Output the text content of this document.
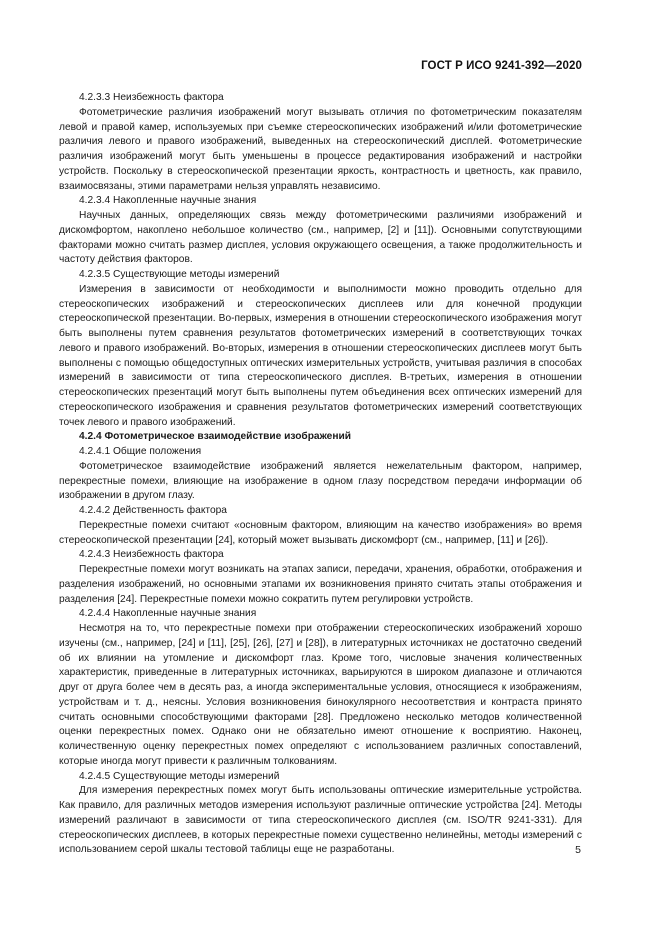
ГОСТ Р ИСО 9241-392—2020

4.2.3.3 Неизбежность фактора

Фотометрические различия изображений могут вызывать отличия по фотометрическим показателям левой и правой камер, используемых при съемке стереоскопических изображений и/или фотометрические различия левого и правого изображений, выведенных на стереоскопический дисплей. Фотометрические различия изображений могут быть уменьшены в процессе редактирования изображений и настройки устройств. Поскольку в стереоскопической презентации яркость, контрастность и цветность, как правило, взаимосвязаны, этими параметрами нельзя управлять независимо.

4.2.3.4 Накопленные научные знания

Научных данных, определяющих связь между фотометрическими различиями изображений и дискомфортом, накоплено небольшое количество (см., например, [2] и [11]). Основными сопутствующими факторами можно считать размер дисплея, условия окружающего освещения, а также продолжительность и частоту действия факторов.

4.2.3.5 Существующие методы измерений

Измерения в зависимости от необходимости и выполнимости можно проводить отдельно для стереоскопических изображений и стереоскопических дисплеев или для конечной продукции стереоскопической презентации. Во-первых, измерения в отношении стереоскопического изображения могут быть выполнены путем сравнения результатов фотометрических измерений в соответствующих точках левого и правого изображений. Во-вторых, измерения в отношении стереоскопических дисплеев могут быть выполнены с помощью общедоступных оптических измерительных устройств, учитывая различия в способах измерений в зависимости от типа стереоскопического дисплея. В-третьих, измерения в отношении стереоскопических презентаций могут быть выполнены путем объединения всех оптических измерений для стереоскопического изображения и сравнения результатов фотометрических измерений соответствующих точек левого и правого изображений.

4.2.4 Фотометрическое взаимодействие изображений

4.2.4.1 Общие положения

Фотометрическое взаимодействие изображений является нежелательным фактором, например, перекрестные помехи, влияющие на изображение в одном глазу посредством передачи информации об изображении в другом глазу.

4.2.4.2 Действенность фактора

Перекрестные помехи считают «основным фактором, влияющим на качество изображения» во время стереоскопической презентации [24], который может вызывать дискомфорт (см., например, [11] и [26]).

4.2.4.3 Неизбежность фактора

Перекрестные помехи могут возникать на этапах записи, передачи, хранения, обработки, отображения и разделения изображений, но основными этапами их возникновения принято считать этапы отображения и разделения [24]. Перекрестные помехи можно сократить путем регулировки устройств.

4.2.4.4 Накопленные научные знания

Несмотря на то, что перекрестные помехи при отображении стереоскопических изображений хорошо изучены (см., например, [24] и [11], [25], [26], [27] и [28]), в литературных источниках не достаточно сведений об их влиянии на утомление и дискомфорт глаз. Кроме того, числовые значения количественных характеристик, приведенные в литературных источниках, варьируются в широком диапазоне и отличаются друг от друга более чем в десять раз, а иногда экспериментальные условия, относящиеся к изображениям, устройствам и т. д., неясны. Условия возникновения бинокулярного несоответствия и контраста принято считать основными способствующими факторами [28]. Предложено несколько методов количественной оценки перекрестных помех. Однако они не обязательно имеют отношение к восприятию. Наконец, количественную оценку перекрестных помех определяют с использованием различных сопоставлений, которые иногда могут привести к различным толкованиям.

4.2.4.5 Существующие методы измерений

Для измерения перекрестных помех могут быть использованы оптические измерительные устройства. Как правило, для различных методов измерения используют различные оптические устройства [24]. Методы измерений различают в зависимости от типа стереоскопического дисплея (см. ISO/TR 9241-331). Для стереоскопических дисплеев, в которых перекрестные помехи существенно нелинейны, методы измерений с использованием серой шкалы тестовой таблицы еще не разработаны.	5
